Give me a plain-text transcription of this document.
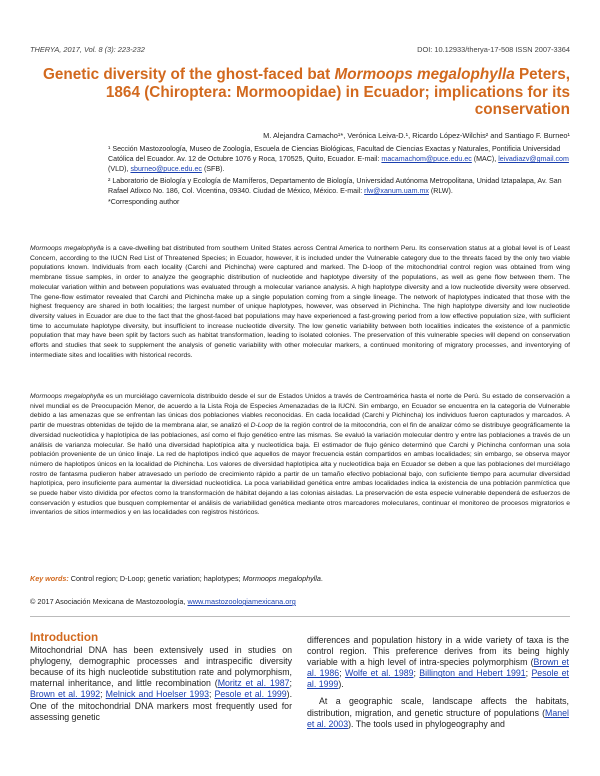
THERYA, 2017, Vol. 8 (3): 223-232	DOI: 10.12933/therya-17-508 ISSN 2007-3364
Genetic diversity of the ghost-faced bat Mormoops megalophylla Peters, 1864 (Chiroptera: Mormoopidae) in Ecuador; implications for its conservation
M. Alejandra Camacho¹*, Verónica Leiva-D.¹, Ricardo López-Wilchis² and Santiago F. Burneo¹

¹ Sección Mastozoología, Museo de Zoología, Escuela de Ciencias Biológicas, Facultad de Ciencias Exactas y Naturales, Pontificia Universidad Católica del Ecuador. Av. 12 de Octubre 1076 y Roca, 170525, Quito, Ecuador. E-mail: macamachom@puce.edu.ec (MAC), leivadiazv@gmail.com (VLD), sburneo@puce.edu.ec (SFB).

² Laboratorio de Biología y Ecología de Mamíferos, Departamento de Biología, Universidad Autónoma Metropolitana, Unidad Iztapalapa, Av. San Rafael Atlixco No. 186, Col. Vicentina, 09340. Ciudad de México, México. E-mail: rlw@xanum.uam.mx (RLW).

*Corresponding author

Mormoops megalophylla is a cave-dwelling bat distributed from southern United States across Central America to northern Peru. Its conservation status at a global level is of Least Concern, according to the IUCN Red List of Threatened Species; in Ecuador, however, it is included under the Vulnerable category due to the threats faced by the only two viable populations known. Individuals from each locality (Carchi and Pichincha) were captured and marked. The D-loop of the mitochondrial control region was obtained from wing membrane tissue samples, in order to analyze the geographic distribution of nucleotide and haplotype diversity of the populations, as well as gene flow between them. The molecular variation within and between populations was evaluated through a molecular variance analysis. A high haplotype diversity and a low nucleotide diversity were observed. The gene-flow estimator revealed that Carchi and Pichincha make up a single population coming from a single lineage. The network of haplotypes indicated that those with the highest frequency are shared in both localities; the largest number of unique haplotypes, however, was observed in Pichincha. The high haplotype diversity and low nucleotide diversity values in Ecuador are due to the fact that the ghost-faced bat populations may have experienced a fast-growing period from a low effective population size, with sufficient time to accumulate haplotype diversity, but insufficient to increase nucleotide diversity. The low genetic variability between both localities indicates the existence of a panmictic population that may have been split by factors such as habitat transformation, leading to isolated colonies. The preservation of this vulnerable species will depend on conservation efforts and studies that seek to supplement the analysis of genetic variability with other molecular markers, a continued monitoring of migratory processes, and inventorying of intermediate sites and localities with historical records.
Mormoops megalophylla es un murciélago cavernícola distribuido desde el sur de Estados Unidos a través de Centroamérica hasta el norte de Perú. Su estado de conservación a nivel mundial es de Preocupación Menor, de acuerdo a la Lista Roja de Especies Amenazadas de la IUCN. Sin embargo, en Ecuador se encuentra en la categoría de Vulnerable debido a las amenazas que se enfrentan las únicas dos poblaciones viables reconocidas. En cada localidad (Carchi y Pichincha) los individuos fueron capturados y marcados. A partir de muestras obtenidas de tejido de la membrana alar, se analizó el D-Loop de la región control de la mitocondria, con el fin de analizar cómo se distribuye geográficamente la diversidad nucleotídica y haplotípica de las poblaciones, así como el flujo genético entre las mismas. Se evaluó la variación molecular dentro y entre las poblaciones a través de un análisis de varianza molecular. Se halló una diversidad haplotípica alta y nucleotídica baja. El estimador de flujo génico determinó que Carchi y Pichincha conforman una sola población proveniente de un único linaje. La red de haplotipos indicó que aquellos de mayor frecuencia están compartidos en ambas localidades; sin embargo, se observa mayor número de haplotipos únicos en la localidad de Pichincha. Los valores de diversidad haplotípica alta y nucleotídica baja en Ecuador se deben a que las poblaciones del murciélago rostro de fantasma pudieron haber atravesado un período de crecimiento rápido a partir de un tamaño efectivo poblacional bajo, con suficiente tiempo para acumular diversidad haplotípica, pero insuficiente para aumentar la diversidad nucleotídica. La poca variabilidad genética entre ambas localidades indica la existencia de una población panmíctica que se puede haber visto dividida por efectos como la transformación de hábitat dejando a las colonias aisladas. La preservación de esta especie vulnerable dependerá de esfuerzos de conservación y estudios que busquen complementar el análisis de variabilidad genética mediante otros marcadores moleculares, continuar el monitoreo de procesos migratorios e inventarios de sitios intermedios y en las localidades con registros históricos.
Key words: Control region; D-Loop; genetic variation; haplotypes; Mormoops megalophylla.
© 2017 Asociación Mexicana de Mastozoología, www.mastozoologiamexicana.org
Introduction

Mitochondrial DNA has been extensively used in studies on phylogeny, demographic processes and intraspecific diversity because of its high nucleotide substitution rate and polymorphism, maternal inheritance, and little recombination (Moritz et al. 1987; Brown et al. 1992; Melnick and Hoelser 1993; Pesole et al. 1999). One of the mitochondrial DNA markers most frequently used for assessing genetic

differences and population history in a wide variety of taxa is the control region. This preference derives from its being highly variable with a high level of intra-species polymorphism (Brown et al. 1986; Wolfe et al. 1989; Billington and Hebert 1991; Pesole et al. 1999).

At a geographic scale, landscape affects the habitats, distribution, migration, and genetic structure of populations (Manel et al. 2003). The tools used in phylogeography and
